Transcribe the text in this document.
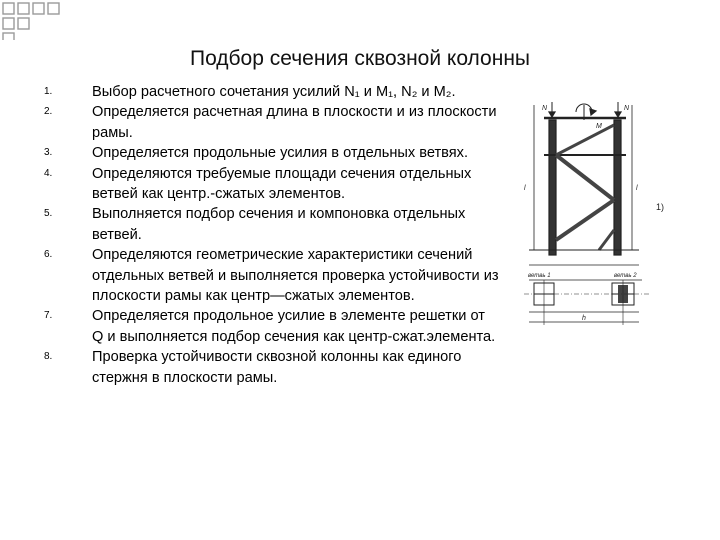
Подбор сечения сквозной колонны
1.	Выбор расчетного сочетания усилий N₁ и M₁, N₂ и M₂.
2.	Определяется расчетная длина в плоскости и из плоскости рамы.
3.	Определяется продольные усилия в отдельных ветвях.
4.	Определяются требуемые площади сечения отдельных ветвей как центр.-сжатых элементов.
5.	Выполняется подбор сечения и компоновка отдельных ветвей.
6.	Определяются геометрические характеристики сечений отдельных ветвей и выполняется проверка устойчивости из плоскости рамы как центр—сжатых элементов.
7.	Определяется продольное усилие в элементе решетки от Q и выполняется подбор сечения как центр-сжат.элемента.
8.	Проверка устойчивости сквозной колонны как единого стержня в плоскости рамы.
N	N
M
l	l
ветвь 1	ветвь 2
h
1)
